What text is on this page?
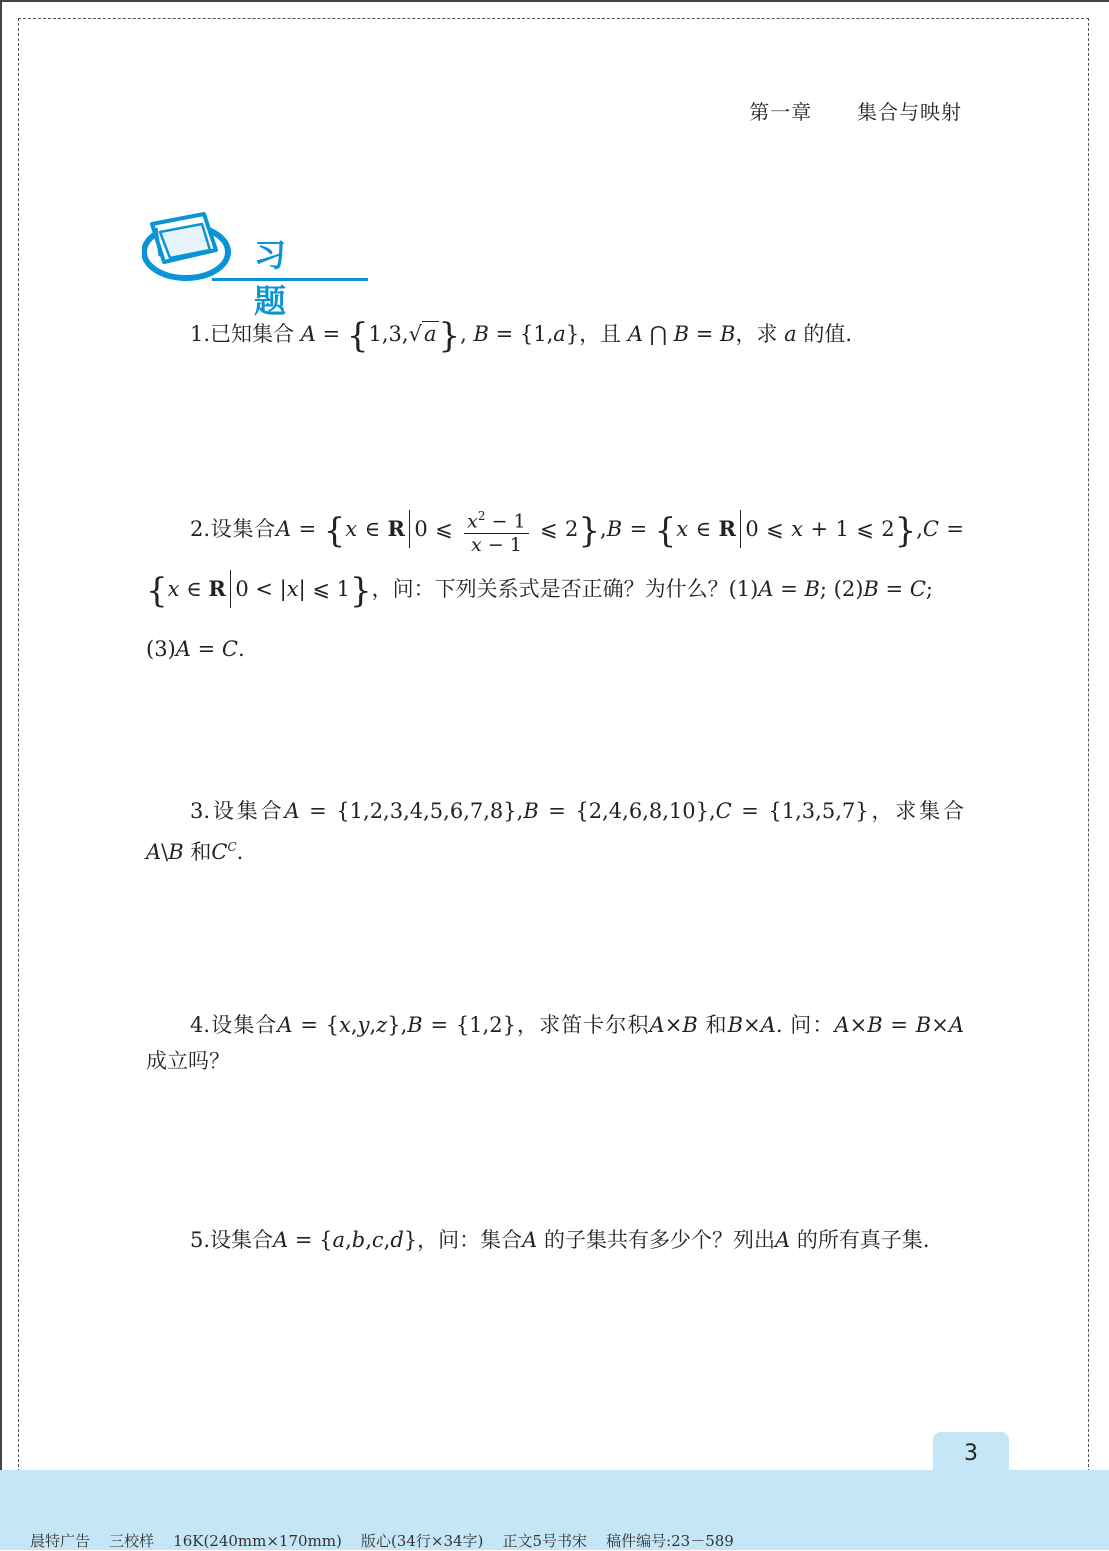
第一章 集合与映射
习题
1.已知集合 A = {1,3,√a}, B = {1,a}，且 A ⋂ B = B，求 a 的值.
2.设集合A = {x ∈ R 0 ⩽ $\frac{x^2 - 1}{x - 1}$ ⩽ 2},B = {x ∈ R 0 ⩽ x + 1 ⩽ 2},C = {x ∈ R 0 < |x| ⩽ 1}，问：下列关系式是否正确？为什么？(1)A = B; (2)B = C;
(3)A = C.
3.设集合A = {1,2,3,4,5,6,7,8},B = {2,4,6,8,10},C = {1,3,5,7}，求集合 A\B 和$C^C$.
4.设集合A = {x,y,z},B = {1,2}，求笛卡尔积A×B 和B×A. 问：A×B = B×A 成立吗？
5.设集合A = {a,b,c,d}，问：集合A 的子集共有多少个？列出A 的所有真子集.
3
晨特广告    三校样    16K(240mm×170mm)    版心(34行×34字)    正文5号书宋    稿件编号:23－589
